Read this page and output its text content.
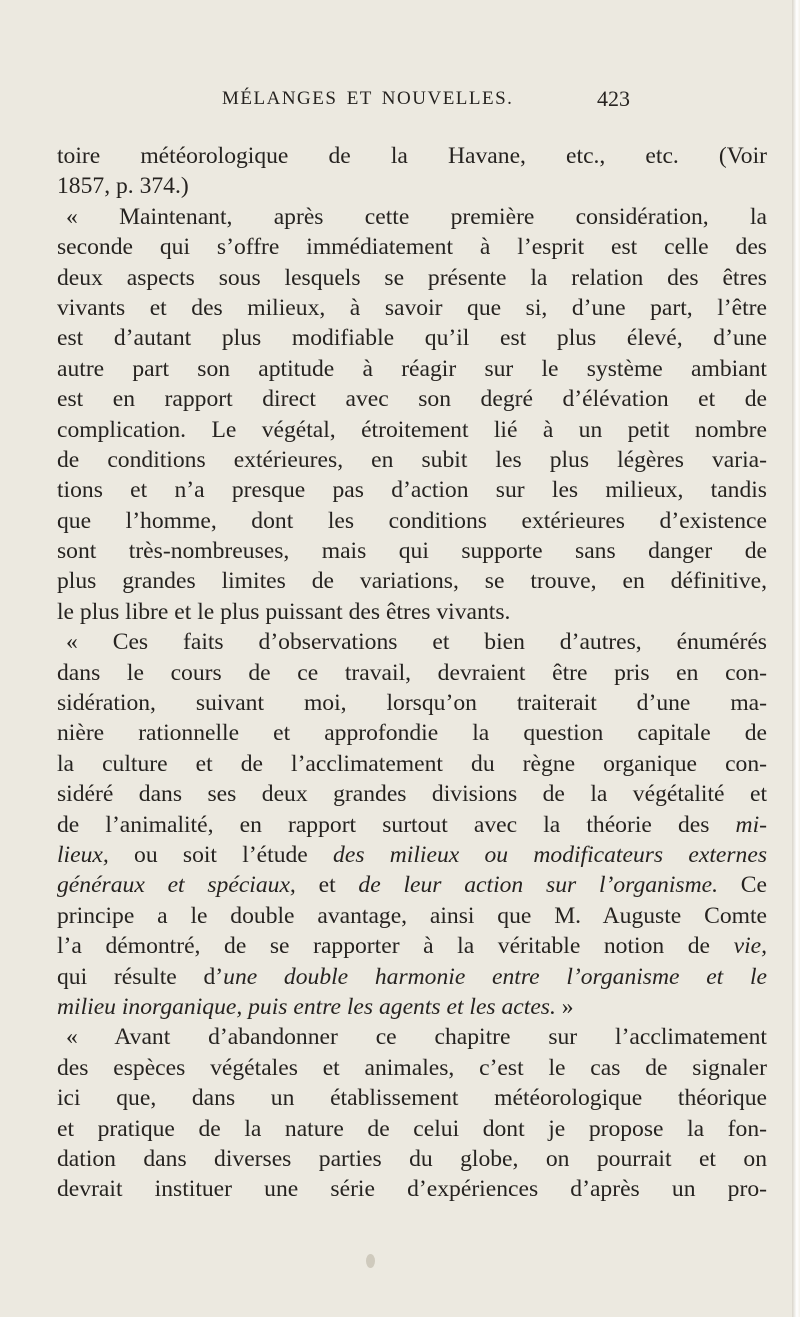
MÉLANGES ET NOUVELLES.	423
toire météorologique de la Havane, etc., etc. (Voir
1857, p. 374.)
« Maintenant, après cette première considération, la
seconde qui s’offre immédiatement à l’esprit est celle des
deux aspects sous lesquels se présente la relation des êtres
vivants et des milieux, à savoir que si, d’une part, l’être
est d’autant plus modifiable qu’il est plus élevé, d’une
autre part son aptitude à réagir sur le système ambiant
est en rapport direct avec son degré d’élévation et de
complication. Le végétal, étroitement lié à un petit nombre
de conditions extérieures, en subit les plus légères varia-
tions et n’a presque pas d’action sur les milieux, tandis
que l’homme, dont les conditions extérieures d’existence
sont très-nombreuses, mais qui supporte sans danger de
plus grandes limites de variations, se trouve, en définitive,
le plus libre et le plus puissant des êtres vivants.
« Ces faits d’observations et bien d’autres, énumérés
dans le cours de ce travail, devraient être pris en con-
sidération, suivant moi, lorsqu’on traiterait d’une ma-
nière rationnelle et approfondie la question capitale de
la culture et de l’acclimatement du règne organique con-
sidéré dans ses deux grandes divisions de la végétalité et
de l’animalité, en rapport surtout avec la théorie des mi-
lieux, ou soit l’étude des milieux ou modificateurs externes
généraux et spéciaux, et de leur action sur l’organisme. Ce
principe a le double avantage, ainsi que M. Auguste Comte
l’a démontré, de se rapporter à la véritable notion de vie,
qui résulte d’une double harmonie entre l’organisme et le
milieu inorganique, puis entre les agents et les actes. »
« Avant d’abandonner ce chapitre sur l’acclimatement
des espèces végétales et animales, c’est le cas de signaler
ici que, dans un établissement météorologique théorique
et pratique de la nature de celui dont je propose la fon-
dation dans diverses parties du globe, on pourrait et on
devrait instituer une série d’expériences d’après un pro-
